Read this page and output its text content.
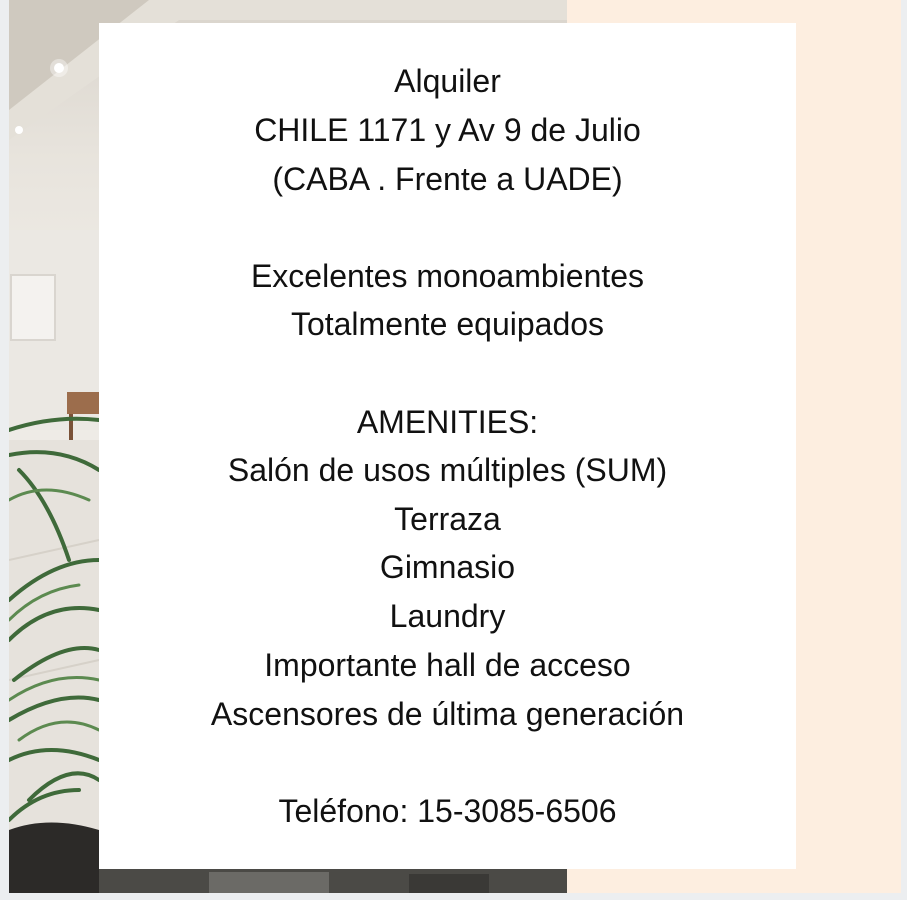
Alquiler
CHILE 1171 y Av 9 de Julio
(CABA . Frente a UADE)
Excelentes monoambientes
Totalmente equipados
AMENITIES:
Salón de usos múltiples (SUM)
Terraza
Gimnasio
Laundry
Importante hall de acceso
Ascensores de última generación
Teléfono: 15-3085-6506
